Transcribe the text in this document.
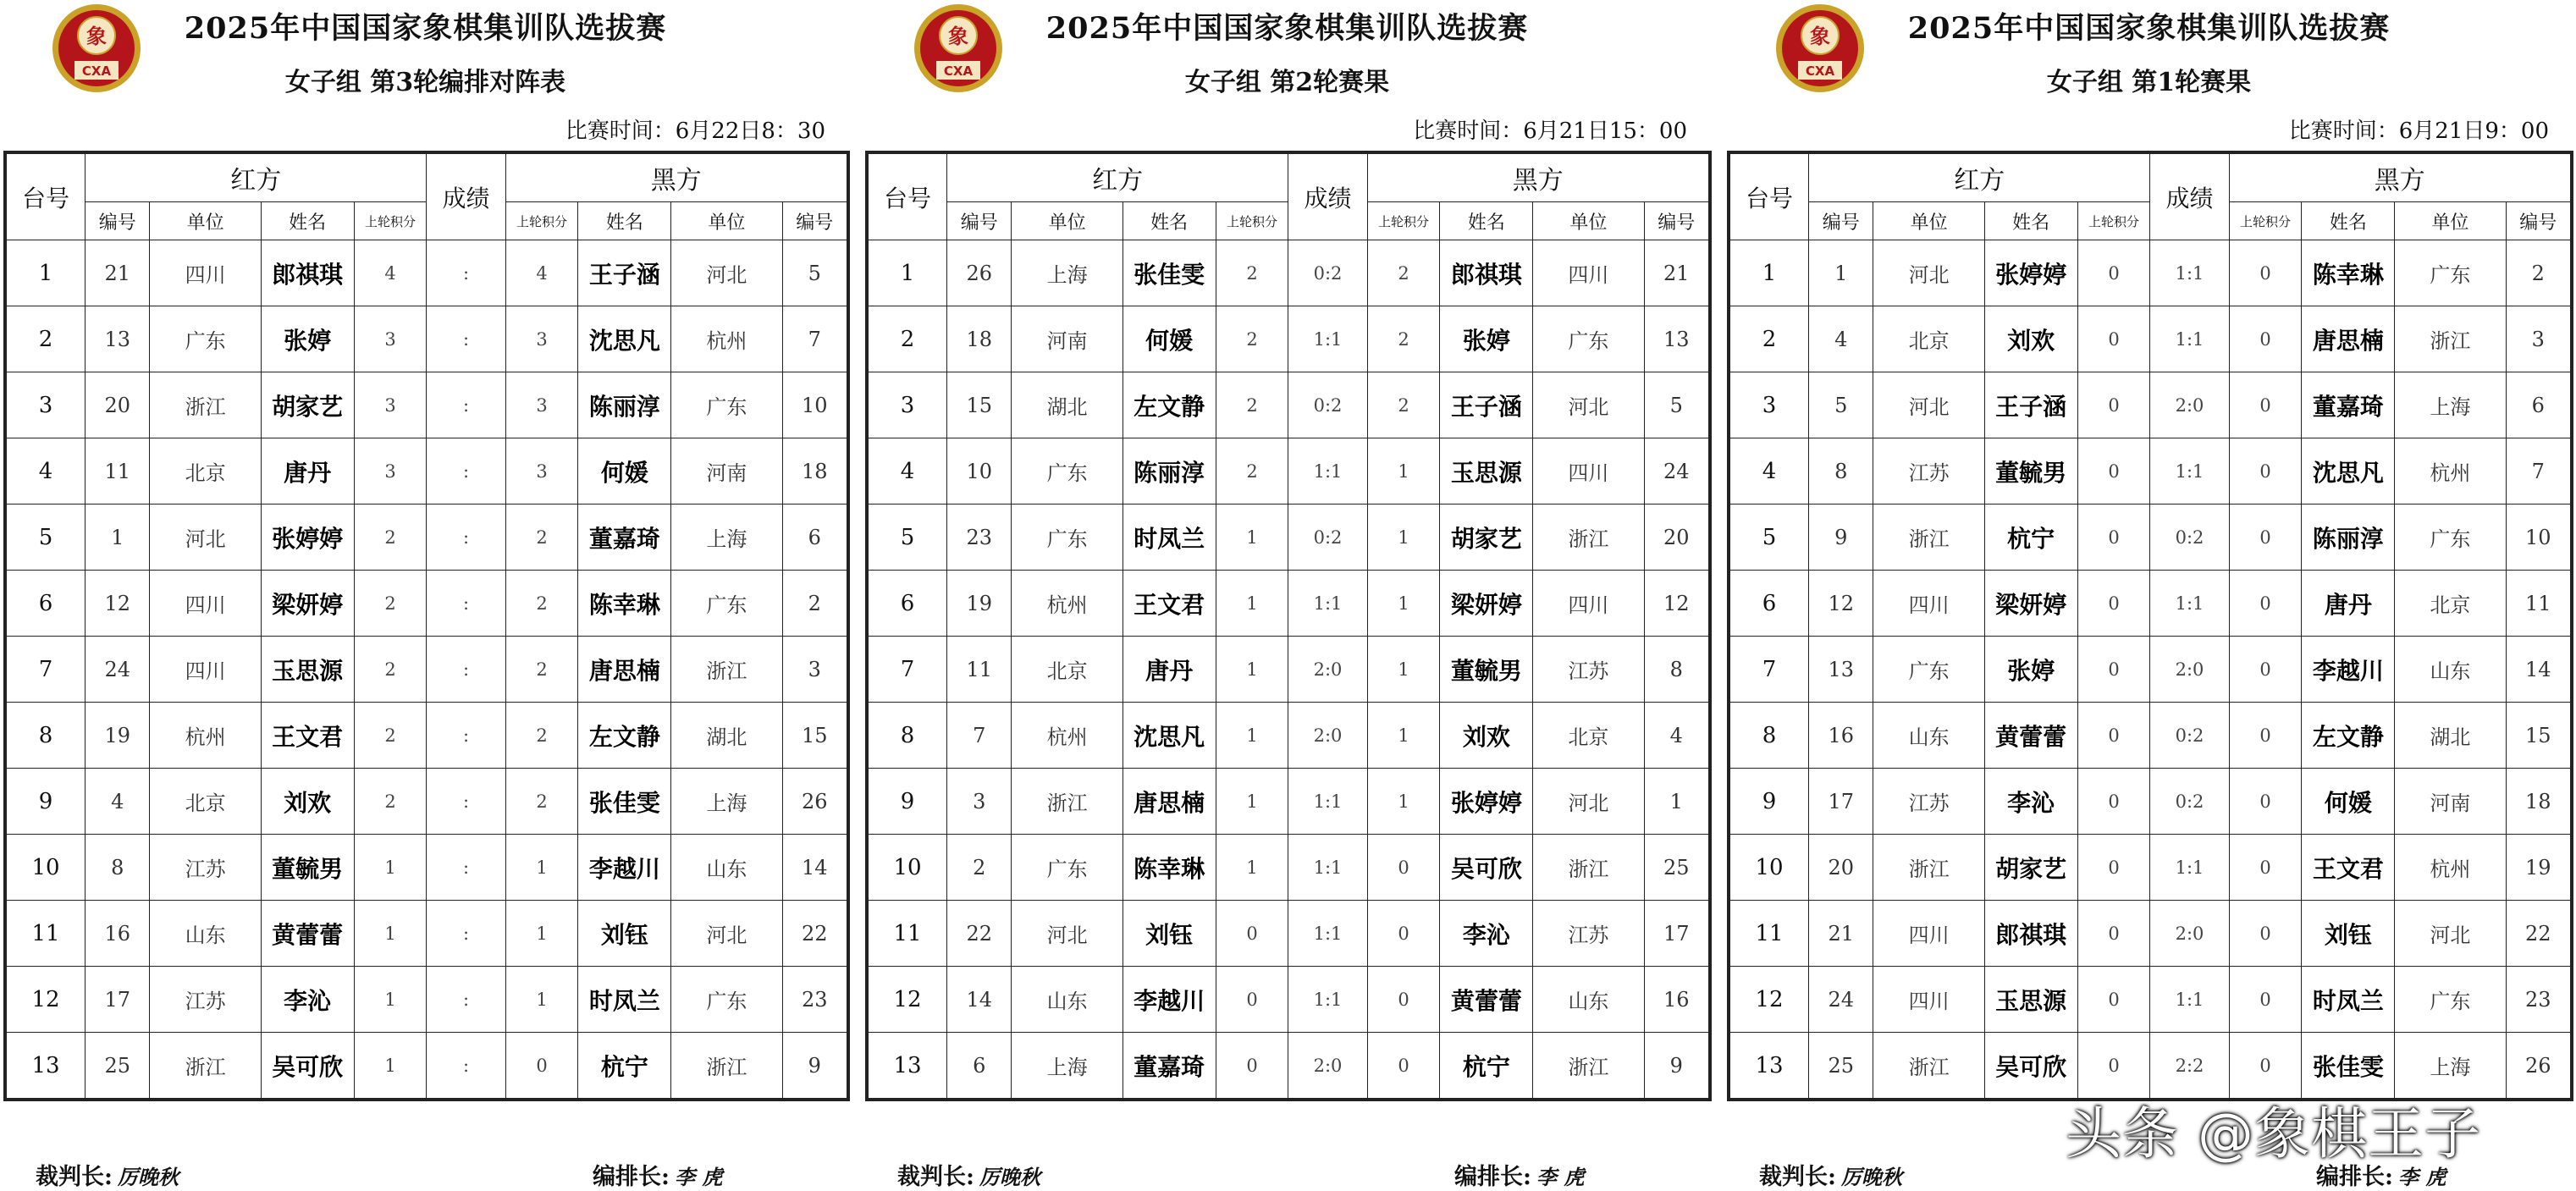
象
CXA
2025年中国国家象棋集训队选拔赛
女子组 第3轮编排对阵表
比赛时间：6月22日8：30
台号	红方				成绩	黑方			
	编号	单位	姓名	上轮积分		上轮积分	姓名	单位	编号
1	21	四川	郎祺琪	4	:	4	王子涵	河北	5
2	13	广东	张婷	3	:	3	沈思凡	杭州	7
3	20	浙江	胡家艺	3	:	3	陈丽淳	广东	10
4	11	北京	唐丹	3	:	3	何媛	河南	18
5	1	河北	张婷婷	2	:	2	董嘉琦	上海	6
6	12	四川	梁妍婷	2	:	2	陈幸琳	广东	2
7	24	四川	玉思源	2	:	2	唐思楠	浙江	3
8	19	杭州	王文君	2	:	2	左文静	湖北	15
9	4	北京	刘欢	2	:	2	张佳雯	上海	26
10	8	江苏	董毓男	1	:	1	李越川	山东	14
11	16	山东	黄蕾蕾	1	:	1	刘钰	河北	22
12	17	江苏	李沁	1	:	1	时凤兰	广东	23
13	25	浙江	吴可欣	1	:	0	杭宁	浙江	9
裁判长: 厉晚秋	编排长: 李 虎
象
CXA
2025年中国国家象棋集训队选拔赛
女子组 第2轮赛果
比赛时间：6月21日15：00
台号	红方				成绩	黑方			
	编号	单位	姓名	上轮积分		上轮积分	姓名	单位	编号
1	26	上海	张佳雯	2	0:2	2	郎祺琪	四川	21
2	18	河南	何媛	2	1:1	2	张婷	广东	13
3	15	湖北	左文静	2	0:2	2	王子涵	河北	5
4	10	广东	陈丽淳	2	1:1	1	玉思源	四川	24
5	23	广东	时凤兰	1	0:2	1	胡家艺	浙江	20
6	19	杭州	王文君	1	1:1	1	梁妍婷	四川	12
7	11	北京	唐丹	1	2:0	1	董毓男	江苏	8
8	7	杭州	沈思凡	1	2:0	1	刘欢	北京	4
9	3	浙江	唐思楠	1	1:1	1	张婷婷	河北	1
10	2	广东	陈幸琳	1	1:1	0	吴可欣	浙江	25
11	22	河北	刘钰	0	1:1	0	李沁	江苏	17
12	14	山东	李越川	0	1:1	0	黄蕾蕾	山东	16
13	6	上海	董嘉琦	0	2:0	0	杭宁	浙江	9
裁判长: 厉晚秋	编排长: 李 虎
象
CXA
2025年中国国家象棋集训队选拔赛
女子组 第1轮赛果
比赛时间：6月21日9：00
台号	红方				成绩	黑方			
	编号	单位	姓名	上轮积分		上轮积分	姓名	单位	编号
1	1	河北	张婷婷	0	1:1	0	陈幸琳	广东	2
2	4	北京	刘欢	0	1:1	0	唐思楠	浙江	3
3	5	河北	王子涵	0	2:0	0	董嘉琦	上海	6
4	8	江苏	董毓男	0	1:1	0	沈思凡	杭州	7
5	9	浙江	杭宁	0	0:2	0	陈丽淳	广东	10
6	12	四川	梁妍婷	0	1:1	0	唐丹	北京	11
7	13	广东	张婷	0	2:0	0	李越川	山东	14
8	16	山东	黄蕾蕾	0	0:2	0	左文静	湖北	15
9	17	江苏	李沁	0	0:2	0	何媛	河南	18
10	20	浙江	胡家艺	0	1:1	0	王文君	杭州	19
11	21	四川	郎祺琪	0	2:0	0	刘钰	河北	22
12	24	四川	玉思源	0	1:1	0	时凤兰	广东	23
13	25	浙江	吴可欣	0	2:2	0	张佳雯	上海	26
裁判长: 厉晚秋	编排长: 李 虎
头条 @象棋王子
